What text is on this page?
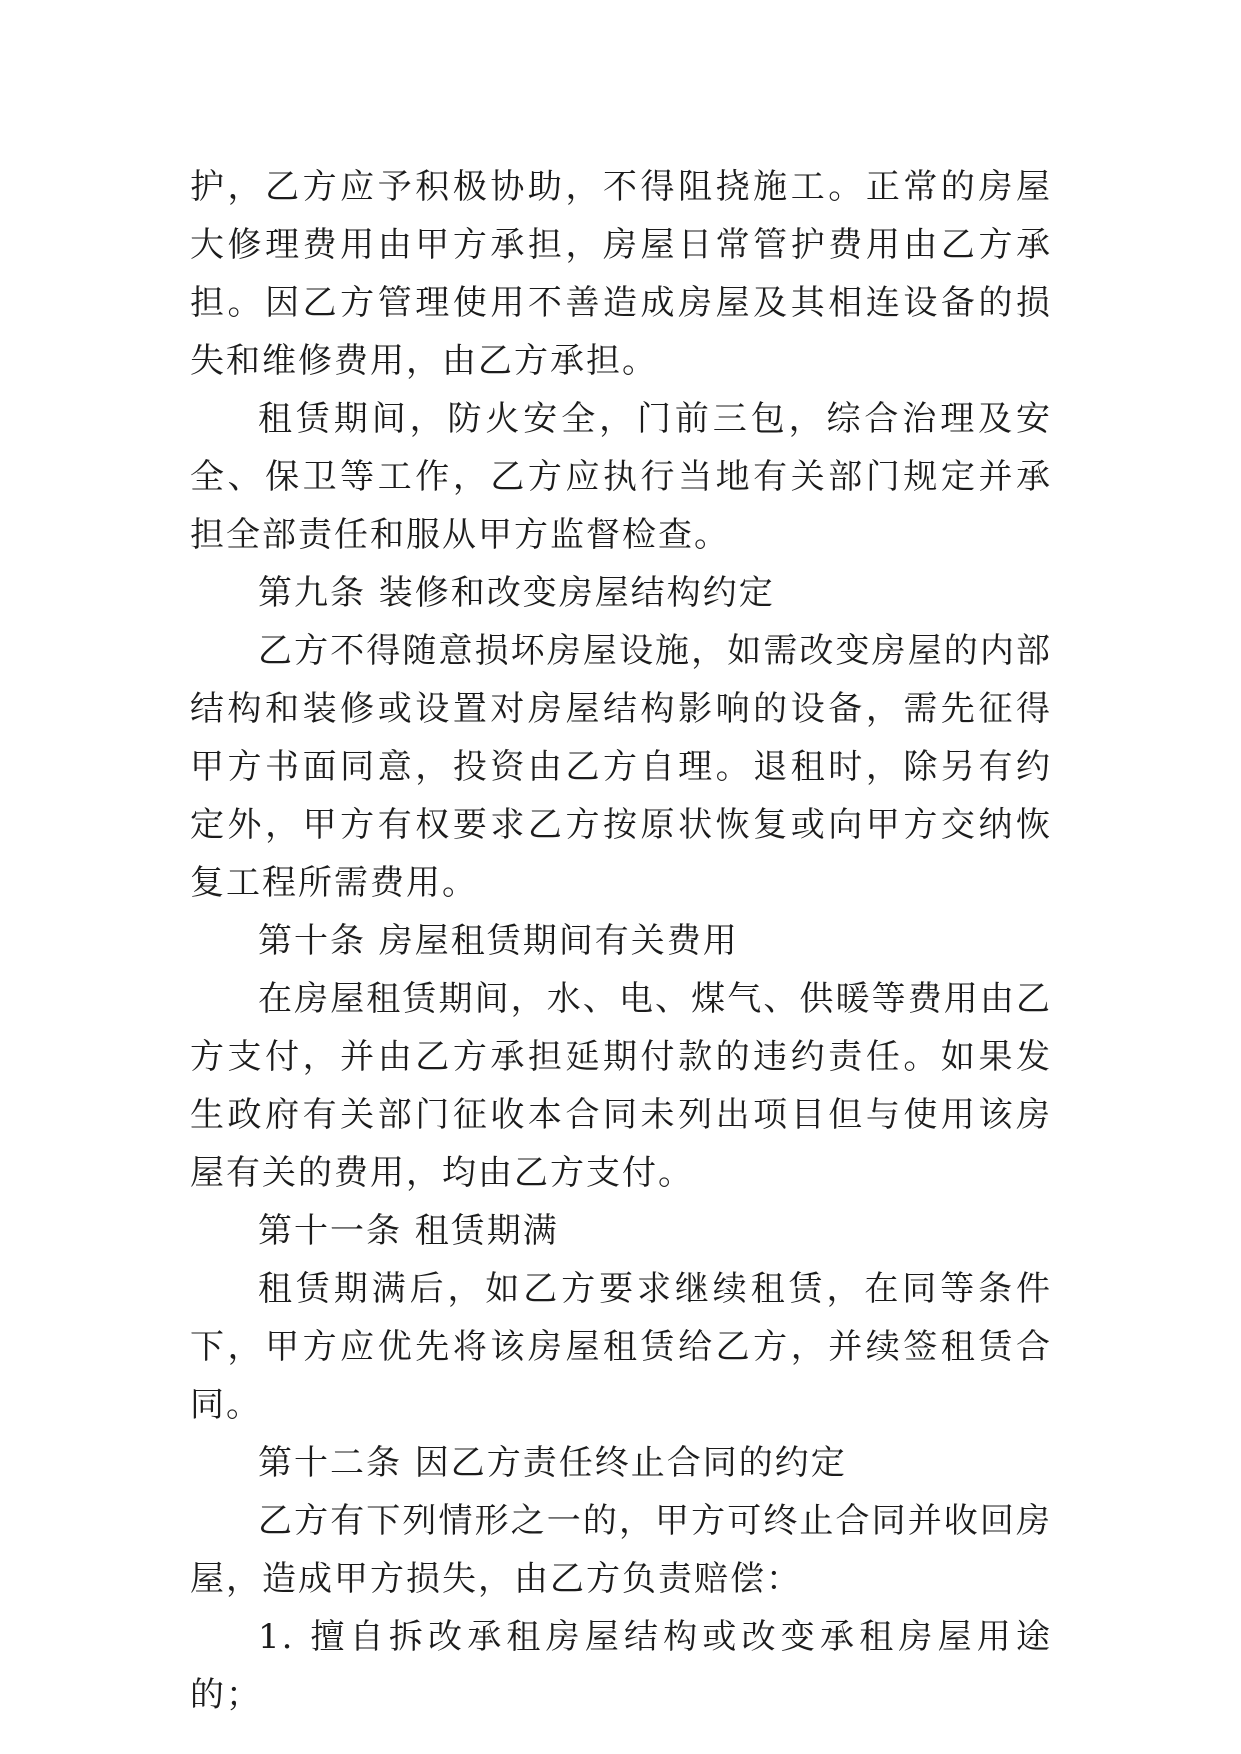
护，乙方应予积极协助，不得阻挠施工。正常的房屋大修理费用由甲方承担，房屋日常管护费用由乙方承担。因乙方管理使用不善造成房屋及其相连设备的损失和维修费用，由乙方承担。

租赁期间，防火安全，门前三包，综合治理及安全、保卫等工作，乙方应执行当地有关部门规定并承担全部责任和服从甲方监督检查。

第九条 装修和改变房屋结构约定

乙方不得随意损坏房屋设施，如需改变房屋的内部结构和装修或设置对房屋结构影响的设备，需先征得甲方书面同意，投资由乙方自理。退租时，除另有约定外，甲方有权要求乙方按原状恢复或向甲方交纳恢复工程所需费用。

第十条 房屋租赁期间有关费用

在房屋租赁期间，水、电、煤气、供暖等费用由乙方支付，并由乙方承担延期付款的违约责任。如果发生政府有关部门征收本合同未列出项目但与使用该房屋有关的费用，均由乙方支付。

第十一条 租赁期满

租赁期满后，如乙方要求继续租赁，在同等条件下，甲方应优先将该房屋租赁给乙方，并续签租赁合同。

第十二条 因乙方责任终止合同的约定

乙方有下列情形之一的，甲方可终止合同并收回房屋，造成甲方损失，由乙方负责赔偿：

1. 擅自拆改承租房屋结构或改变承租房屋用途的；
